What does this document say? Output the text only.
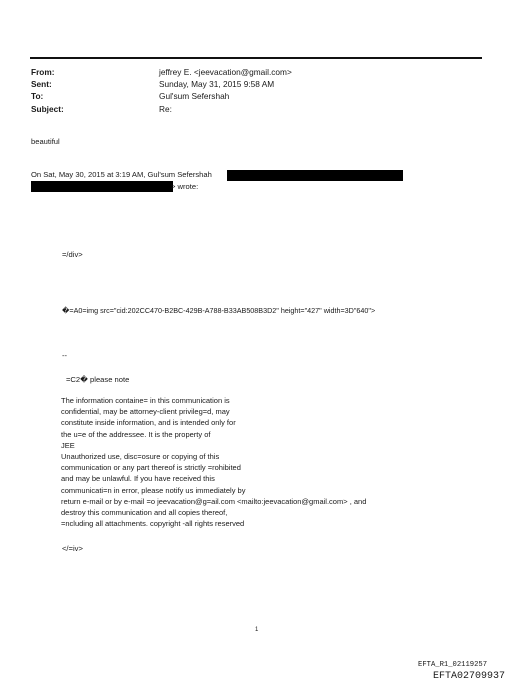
From:	jeffrey E. <jeevacation@gmail.com>
Sent:	Sunday, May 31, 2015 9:58 AM
To:	Gul'sum Sefershah
Subject:	Re:
beautiful
On Sat, May 30, 2015 at 3:19 AM, Gul'sum Sefershah
> wrote:
=/div>
�=A0=img src="cid:202CC470-B2BC-429B-A788-B33AB508B3D2" height="427" width=3D"640">
--
=C2� please note
The information containe= in this communication is
confidential, may be attorney-client privileg=d, may
constitute inside information, and is intended only for
the u=e of the addressee. It is the property of
JEE
Unauthorized use, disc=osure or copying of this
communication or any part thereof is strictly =rohibited
and may be unlawful. If you have received this
communicati=n in error, please notify us immediately by
return e-mail or by e-mail =o jeevacation@g=ail.com <mailto:jeevacation@gmail.com> , and
destroy this communication and all copies thereof,
=ncluding all attachments. copyright -all rights reserved
</=iv>
1
EFTA_R1_02119257
EFTA02709937
